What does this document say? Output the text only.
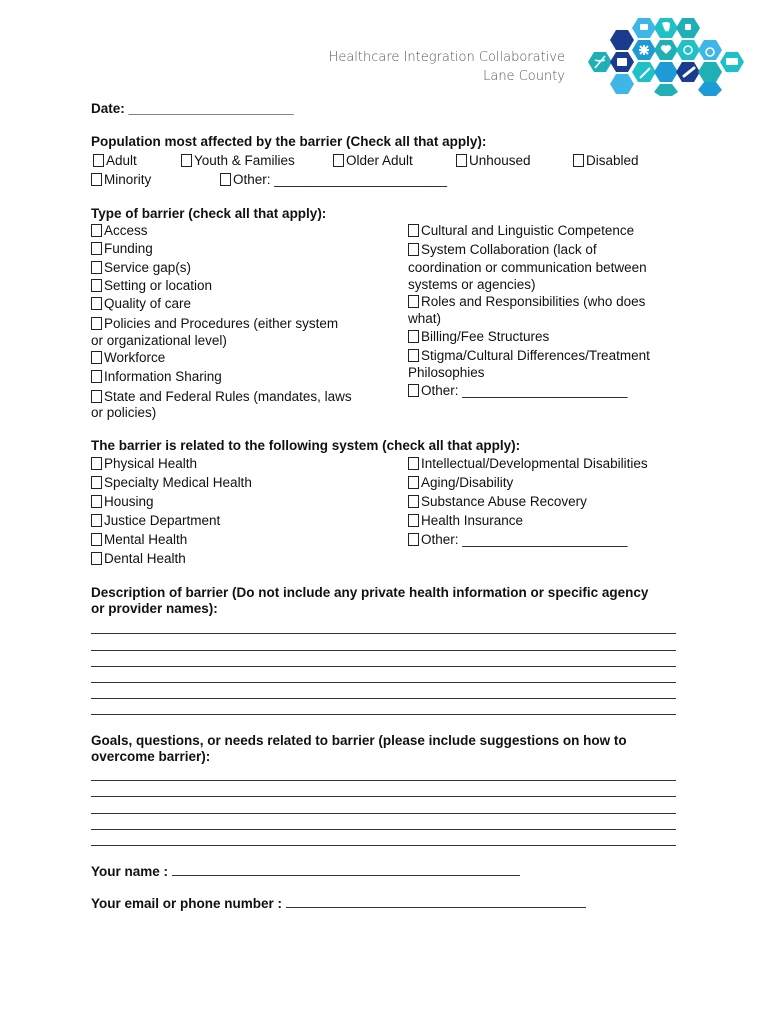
Healthcare Integration Collaborative
Lane County
Date: ______________________
Population most affected by the barrier (Check all that apply):
Adult	Youth & Families	Older Adult	Unhoused	Disabled
Minority	Other: _______________________
Type of barrier (check all that apply):
Access
Funding
Service gap(s)
Setting or location
Quality of care
Policies and Procedures (either system
or organizational level)
Workforce
Information Sharing
State and Federal Rules (mandates, laws
or policies)
Cultural and Linguistic Competence
System Collaboration (lack of
coordination or communication between
systems or agencies)
Roles and Responsibilities (who does
what)
Billing/Fee Structures
Stigma/Cultural Differences/Treatment
Philosophies
Other: ______________________
The barrier is related to the following system (check all that apply):
Physical Health
Specialty Medical Health
Housing
Justice Department
Mental Health
Dental Health
Intellectual/Developmental Disabilities
Aging/Disability
Substance Abuse Recovery
Health Insurance
Other: ______________________
Description of barrier (Do not include any private health information or specific agency
or provider names):
Goals, questions, or needs related to barrier (please include suggestions on how to
overcome barrier):
Your name :
Your email or phone number :
